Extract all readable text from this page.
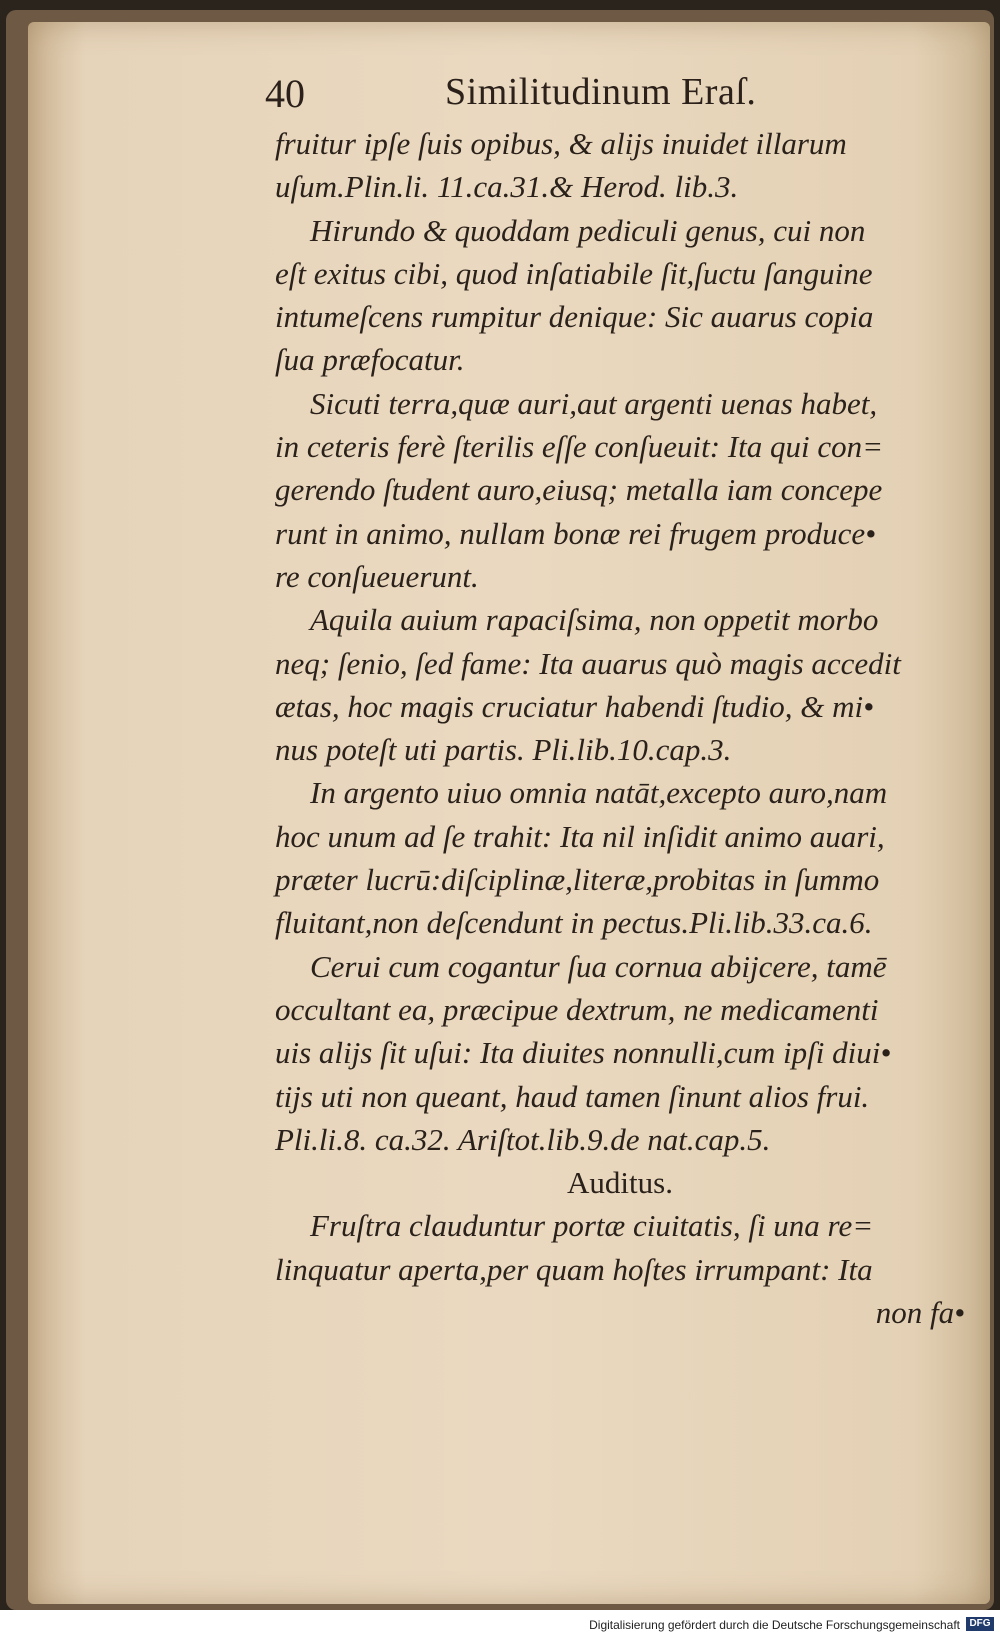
40	Similitudinum Eraſ.
fruitur ipſe ſuis opibus, & alijs inuidet illarum
uſum.Plin.li. 11.ca.31.& Herod. lib.3.
Hirundo & quoddam pediculi genus, cui non
eſt exitus cibi, quod inſatiabile ſit,ſuctu ſanguine
intumeſcens rumpitur denique: Sic auarus copia
ſua præfocatur.
Sicuti terra,quæ auri,aut argenti uenas habet,
in ceteris ferè ſterilis eſſe conſueuit: Ita qui con=
gerendo ſtudent auro,eiusq; metalla iam concepe
runt in animo, nullam bonæ rei frugem produce•
re conſueuerunt.
Aquila auium rapaciſsima, non oppetit morbo
neq; ſenio, ſed fame: Ita auarus quò magis accedit
ætas, hoc magis cruciatur habendi ſtudio, & mi•
nus poteſt uti partis. Pli.lib.10.cap.3.
In argento uiuo omnia natāt,excepto auro,nam
hoc unum ad ſe trahit: Ita nil inſidit animo auari,
præter lucrū:diſciplinæ,literæ,probitas in ſummo
fluitant,non deſcendunt in pectus.Pli.lib.33.ca.6.
Cerui cum cogantur ſua cornua abijcere, tamē
occultant ea, præcipue dextrum, ne medicamenti
uis alijs ſit uſui: Ita diuites nonnulli,cum ipſi diui•
tijs uti non queant, haud tamen ſinunt alios frui.
Pli.li.8. ca.32. Ariſtot.lib.9.de nat.cap.5.
Auditus.
Fruſtra clauduntur portæ ciuitatis, ſi una re=
linquatur aperta,per quam hoſtes irrumpant: Ita
non fa•
Digitalisierung gefördert durch die Deutsche Forschungsgemeinschaft DFG
